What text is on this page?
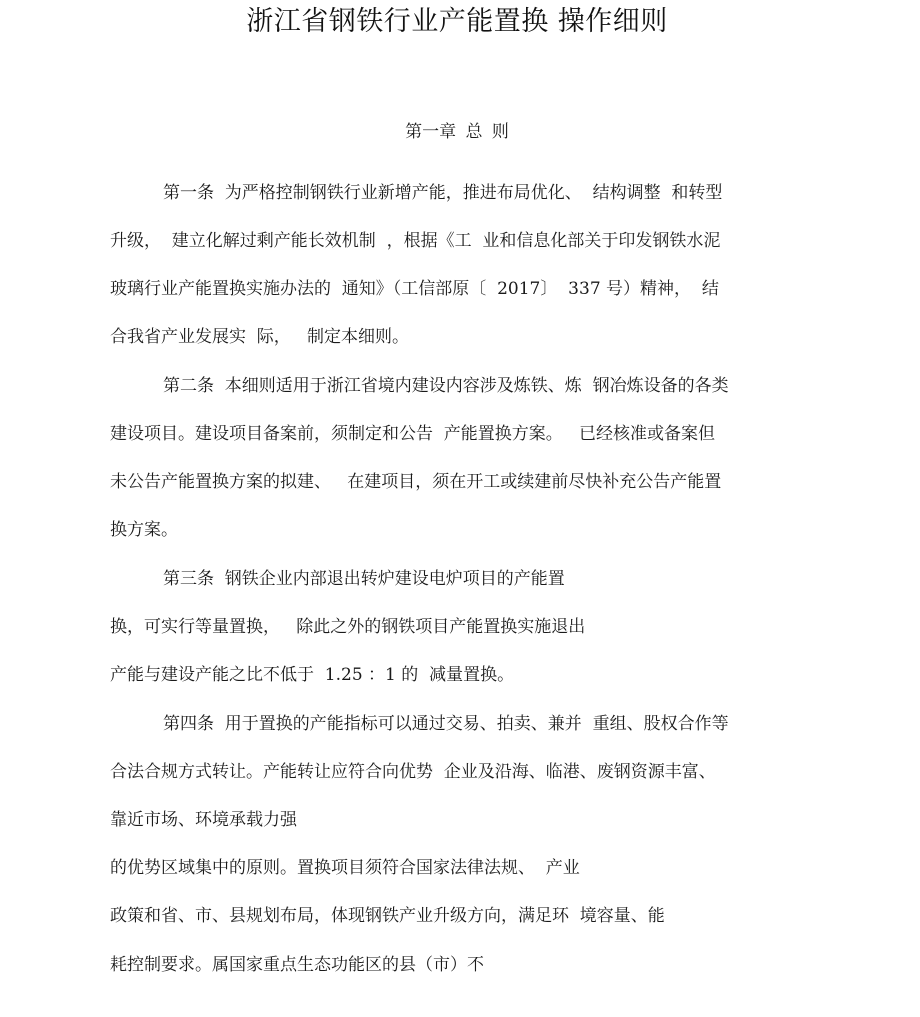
浙江省钢铁行业产能置换 操作细则
第一章 总 则
第一条  为严格控制钢铁行业新增产能，推进布局优化、  结构调整  和转型
升级，  建立化解过剩产能长效机制  ，根据《工  业和信息化部关于印发钢铁水泥
玻璃行业产能置换实施办法的  通知》（工信部原〔  2017〕  337 号）精神，  结
合我省产业发展实  际，   制定本细则。
第二条  本细则适用于浙江省境内建设内容涉及炼铁、炼  钢冶炼设备的各类
建设项目。建设项目备案前，须制定和公告  产能置换方案。   已经核准或备案但
未公告产能置换方案的拟建、   在建项目，须在开工或续建前尽快补充公告产能置
换方案。
第三条  钢铁企业内部退出转炉建设电炉项目的产能置
换，可实行等量置换，   除此之外的钢铁项目产能置换实施退出
产能与建设产能之比不低于  1.25 ：1 的  减量置换。
第四条  用于置换的产能指标可以通过交易、拍卖、兼并  重组、股权合作等
合法合规方式转让。产能转让应符合向优势  企业及沿海、临港、废钢资源丰富、
靠近市场、环境承载力强
的优势区域集中的原则。置换项目须符合国家法律法规、  产业
政策和省、市、县规划布局，体现钢铁产业升级方向，满足环  境容量、能
耗控制要求。属国家重点生态功能区的县（市）不
